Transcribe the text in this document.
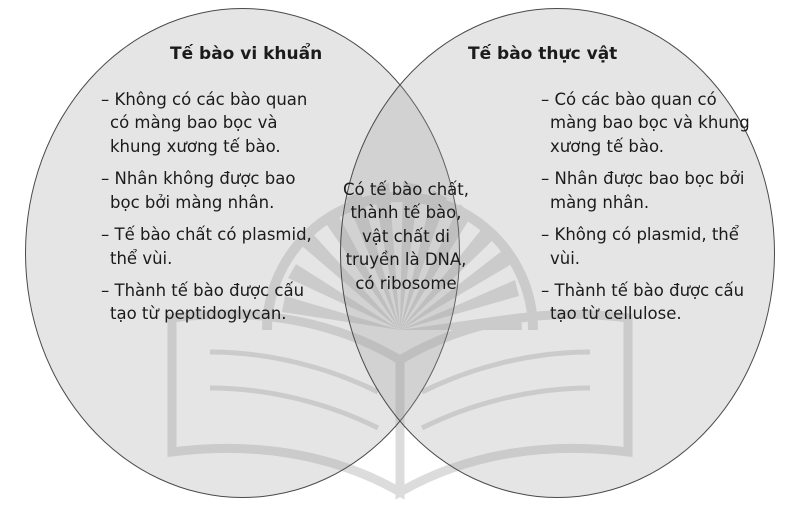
Tế bào vi khuẩn	Tế bào thực vật

– Không có các bào quan có màng bao bọc và khung xương tế bào.

– Nhân không được bao bọc bởi màng nhân.

– Tế bào chất có plasmid, thể vùi.

– Thành tế bào được cấu tạo từ peptidoglycan.

– Có các bào quan có màng bao bọc và khung xương tế bào.

– Nhân được bao bọc bởi màng nhân.

– Không có plasmid, thể vùi.

– Thành tế bào được cấu tạo từ cellulose.

Có tế bào chất,

thành tế bào,

vật chất di

truyền là DNA,

có ribosome
